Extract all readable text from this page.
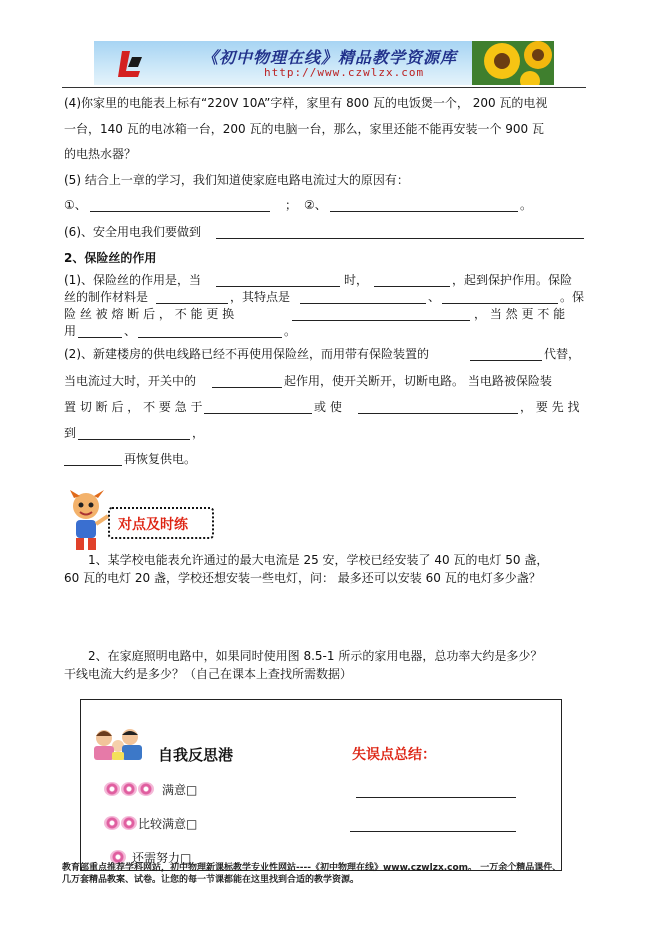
《初中物理在线》精品教学资源库
http://www.czwlzx.com
(4)你家里的电能表上标有“220V 10A”字样，家里有 800 瓦的电饭煲一个， 200 瓦的电视
一台，140 瓦的电冰箱一台，200 瓦的电脑一台，那么，家里还能不能再安装一个 900 瓦
的电热水器？
(5) 结合上一章的学习，我们知道使家庭电路电流过大的原因有：
①、	； ②、	。
(6)、安全用电我们要做到
2、保险丝的作用
(1)、保险丝的作用是，当	时，	，起到保护作用。保险
丝的制作材料是	，其特点是	、	。保
险 丝 被 熔 断 后 ， 不 能 更 换	， 当 然 更 不 能
用	、	。
(2)、新建楼房的供电线路已经不再使用保险丝，而用带有保险装置的	代替，
当电流过大时，开关中的	起作用，使开关断开，切断电路。 当电路被保险装
置 切 断 后 ， 不 要 急 于	或 使	， 要 先 找
到	，
再恢复供电。
对点及时练
1、某学校电能表允许通过的最大电流是 25 安，学校已经安装了 40 瓦的电灯 50 盏，
60 瓦的电灯 20 盏，学校还想安装一些电灯，问： 最多还可以安装 60 瓦的电灯多少盏？
2、在家庭照明电路中，如果同时使用图 8.5-1 所示的家用电器，总功率大约是多少？
干线电流大约是多少？（自己在课本上查找所需数据）
自我反思港	失误点总结：
满意□
比较满意□
还需努力□
教育部重点推荐学科网站，初中物理新课标教学专业性网站----《初中物理在线》www.czwlzx.com。 一万余个精品课件、
几万套精品教案、试卷。让您的每一节课都能在这里找到合适的教学资源。
